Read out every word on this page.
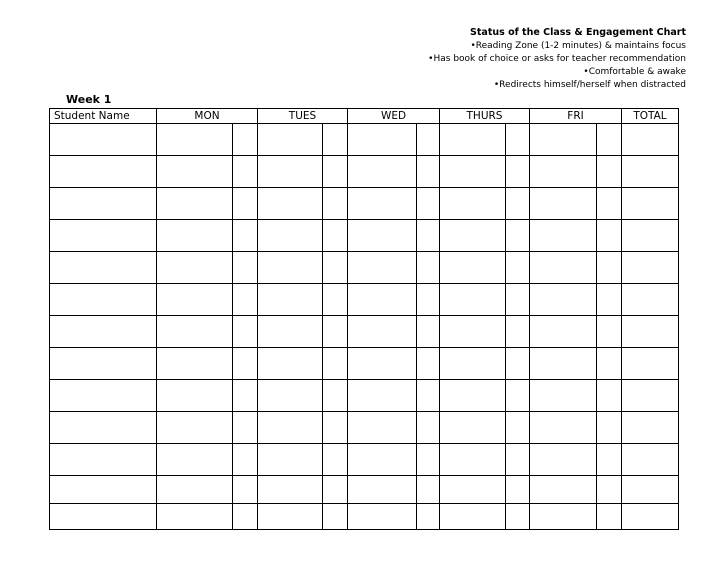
Status of the Class & Engagement Chart
•Reading Zone (1-2 minutes) & maintains focus
•Has book of choice or asks for teacher recommendation
•Comfortable & awake
•Redirects himself/herself when distracted
Week 1
Student Name	MON	TUES	WED	THURS	FRI	TOTAL
